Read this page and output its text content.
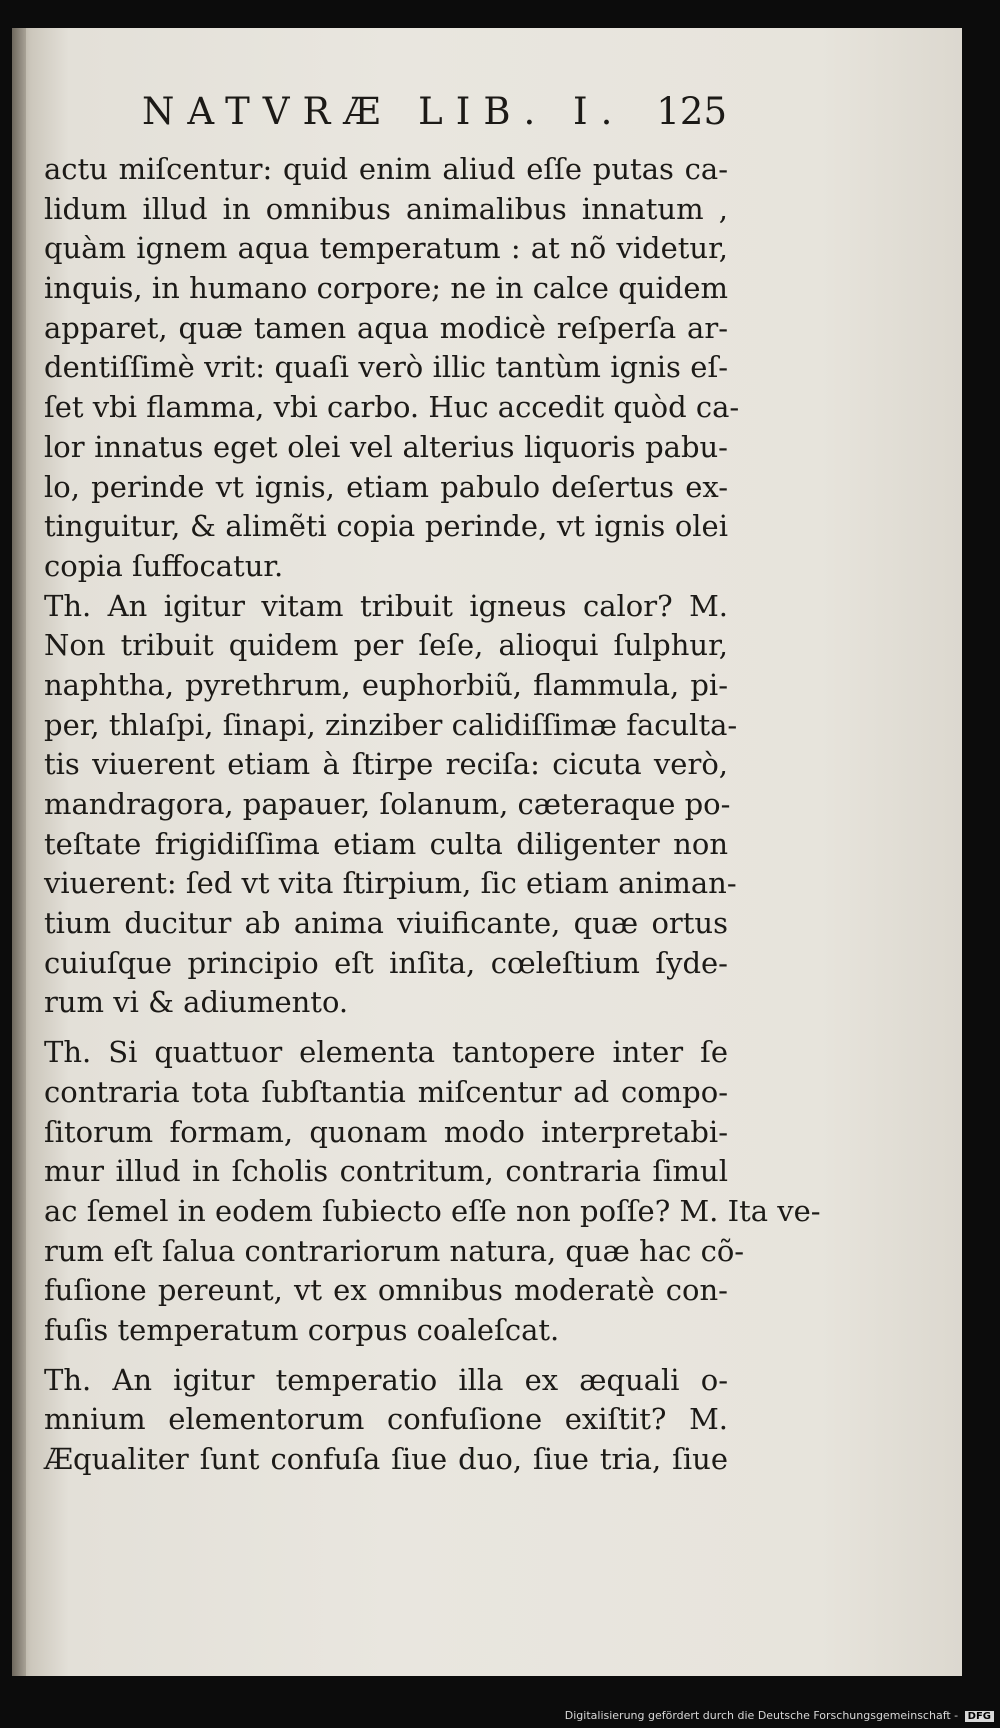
NATVRÆ LIB. I. 125
actu miſcentur: quid enim aliud eſſe putas ca-
lidum illud in omnibus animalibus innatum ,
quàm ignem aqua temperatum : at nõ videtur,
inquis, in humano corpore; ne in calce quidem
apparet, quæ tamen aqua modicè reſperſa ar-
dentiſſimè vrit: quaſi verò illic tantùm ignis eſ-
ſet vbi flamma, vbi carbo. Huc accedit quòd ca-
lor innatus eget olei vel alterius liquoris pabu-
lo, perinde vt ignis, etiam pabulo deſertus ex-
tinguitur, & alimẽti copia perinde, vt ignis olei
copia ſuffocatur.
Th. An igitur vitam tribuit igneus calor? M.
Non tribuit quidem per ſeſe, alioqui ſulphur,
naphtha, pyrethrum, euphorbiũ, flammula, pi-
per, thlaſpi, ſinapi, zinziber calidiſſimæ faculta-
tis viuerent etiam à ſtirpe reciſa: cicuta verò,
mandragora, papauer, ſolanum, cæteraque po-
teſtate frigidiſſima etiam culta diligenter non
viuerent: ſed vt vita ſtirpium, ſic etiam animan-
tium ducitur ab anima viuificante, quæ ortus
cuiuſque principio eſt inſita, cœleſtium ſyde-
rum vi & adiumento.
Th. Si quattuor elementa tantopere inter ſe
contraria tota ſubſtantia miſcentur ad compo-
ſitorum formam, quonam modo interpretabi-
mur illud in ſcholis contritum, contraria ſimul
ac ſemel in eodem ſubiecto eſſe non poſſe? M. Ita ve-
rum eſt ſalua contrariorum natura, quæ hac cõ-
fuſione pereunt, vt ex omnibus moderatè con-
fuſis temperatum corpus coaleſcat.
Th. An igitur temperatio illa ex æquali o-
mnium elementorum confuſione exiſtit? M.
Æqualiter ſunt confuſa ſiue duo, ſiue tria, ſiue
Digitalisierung gefördert durch die Deutsche Forschungsgemeinschaft - DFG
